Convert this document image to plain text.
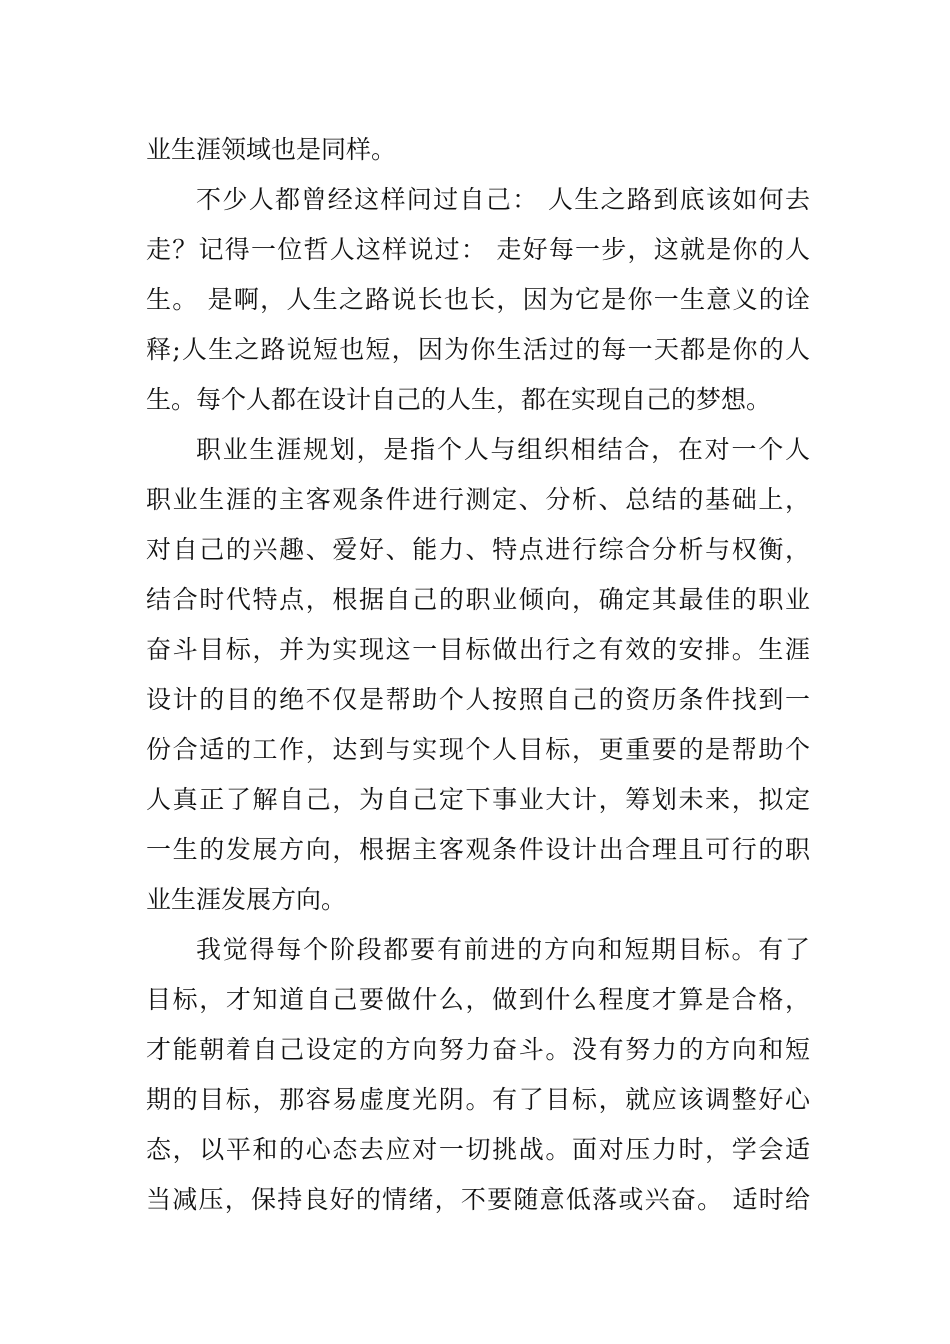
业生涯领域也是同样。

不少人都曾经这样问过自己： 人生之路到底该如何去

走？记得一位哲人这样说过： 走好每一步，这就是你的人

生。 是啊，人生之路说长也长，因为它是你一生意义的诠

释;人生之路说短也短，因为你生活过的每一天都是你的人

生。每个人都在设计自己的人生，都在实现自己的梦想。

职业生涯规划，是指个人与组织相结合，在对一个人

职业生涯的主客观条件进行测定、分析、总结的基础上，

对自己的兴趣、爱好、能力、特点进行综合分析与权衡，

结合时代特点，根据自己的职业倾向，确定其最佳的职业

奋斗目标，并为实现这一目标做出行之有效的安排。生涯

设计的目的绝不仅是帮助个人按照自己的资历条件找到一

份合适的工作，达到与实现个人目标，更重要的是帮助个

人真正了解自己，为自己定下事业大计，筹划未来，拟定

一生的发展方向，根据主客观条件设计出合理且可行的职

业生涯发展方向。

我觉得每个阶段都要有前进的方向和短期目标。有了

目标，才知道自己要做什么，做到什么程度才算是合格，

才能朝着自己设定的方向努力奋斗。没有努力的方向和短

期的目标，那容易虚度光阴。有了目标，就应该调整好心

态，以平和的心态去应对一切挑战。面对压力时，学会适

当减压，保持良好的情绪，不要随意低落或兴奋。 适时给
